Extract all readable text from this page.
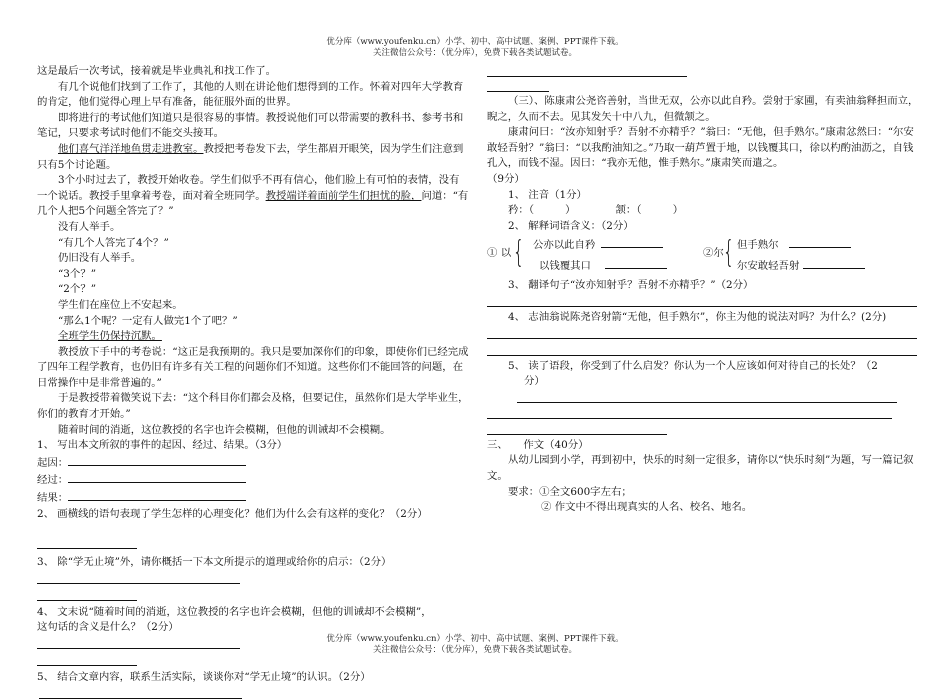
优分库（www.youfenku.cn）小学、初中、高中试题、案例、PPT课件下载。
关注微信公众号：（优分库），免费下载各类试题试卷。

这是最后一次考试，接着就是毕业典礼和找工作了。

有几个说他们找到了工作了，其他的人则在讲论他们想得到的工作。怀着对四年大学教育的肯定，他们觉得心理上早有准备，能征服外面的世界。

即将进行的考试他们知道只是很容易的事情。教授说他们可以带需要的教科书、参考书和笔记，只要求考试时他们不能交头接耳。

他们喜气洋洋地鱼贯走进教室。教授把考卷发下去，学生都眉开眼笑，因为学生们注意到只有5个讨论题。

3个小时过去了，教授开始收卷。学生们似乎不再有信心，他们脸上有可怕的表情，没有一个说话。教授手里拿着考卷，面对着全班同学。教授端详着面前学生们担忧的脸，问道：“有几个人把5个问题全答完了？”

没有人举手。

“有几个人答完了4个？”

仍旧没有人举手。

“3个？”

“2个？”

学生们在座位上不安起来。

“那么1个呢？一定有人做完1个了吧？”

全班学生仍保持沉默。

教授放下手中的考卷说：“这正是我预期的。我只是要加深你们的印象，即使你们已经完成了四年工程学教育，也仍旧有许多有关工程的问题你们不知道。这些你们不能回答的问题，在日常操作中是非常普遍的。”

于是教授带着微笑说下去：“这个科目你们都会及格，但要记住，虽然你们是大学毕业生，你们的教育才开始。”

随着时间的消逝，这位教授的名字也许会模糊，但他的训诫却不会模糊。

1、 写出本文所叙的事件的起因、经过、结果。（3分）

起因：

经过：

结果：

2、 画横线的语句表现了学生怎样的心理变化？他们为什么会有这样的变化？（2分）

3、 除“学无止境”外，请你概括一下本文所提示的道理或给你的启示：（2分）

4、 文末说“随着时间的消逝，这位教授的名字也许会模糊，但他的训诫却不会模糊”，

这句话的含义是什么？（2分）

5、 结合文章内容，联系生活实际，谈谈你对“学无止境”的认识。（2分）

（三）、陈康肃公尧咨善射，当世无双，公亦以此自矜。尝射于家圃，有卖油翁释担而立，睨之，久而不去。见其发矢十中八九，但微颔之。

康肃问曰：“汝亦知射乎？吾射不亦精乎？”翁曰：“无他，但手熟尔。”康肃忿然曰：“尔安敢轻吾射？”翁曰：“以我酌油知之。”乃取一葫芦置于地，以钱覆其口，徐以杓酌油沥之，自钱孔入，而钱不湿。因曰：“我亦无他，惟手熟尔。”康肃笑而遣之。

（9分）

1、 注音（1分）

矜：（　　　）	颔：（　　　）

2、 解释词语含义：（2分）

① 以 { 公亦以此自矜
以钱覆其口
②尔 { 但手熟尔
尔安敢轻吾射

3、 翻译句子“汝亦知射乎？吾射不亦精乎？”（2分）

4、 志油翁说陈尧咨射箭“无他，但手熟尔”，你主为他的说法对吗？为什么？(2分)

5、 读了语段，你受到了什么启发？你认为一个人应该如何对待自己的长处？（2

分）

三、　　作文（40分）

从幼儿园到小学，再到初中，快乐的时刻一定很多，请你以“快乐时刻”为题，写一篇记叙文。

要求：①全文600字左右；

② 作文中不得出现真实的人名、校名、地名。

优分库（www.youfenku.cn）小学、初中、高中试题、案例、PPT课件下载。
关注微信公众号：（优分库），免费下载各类试题试卷。
